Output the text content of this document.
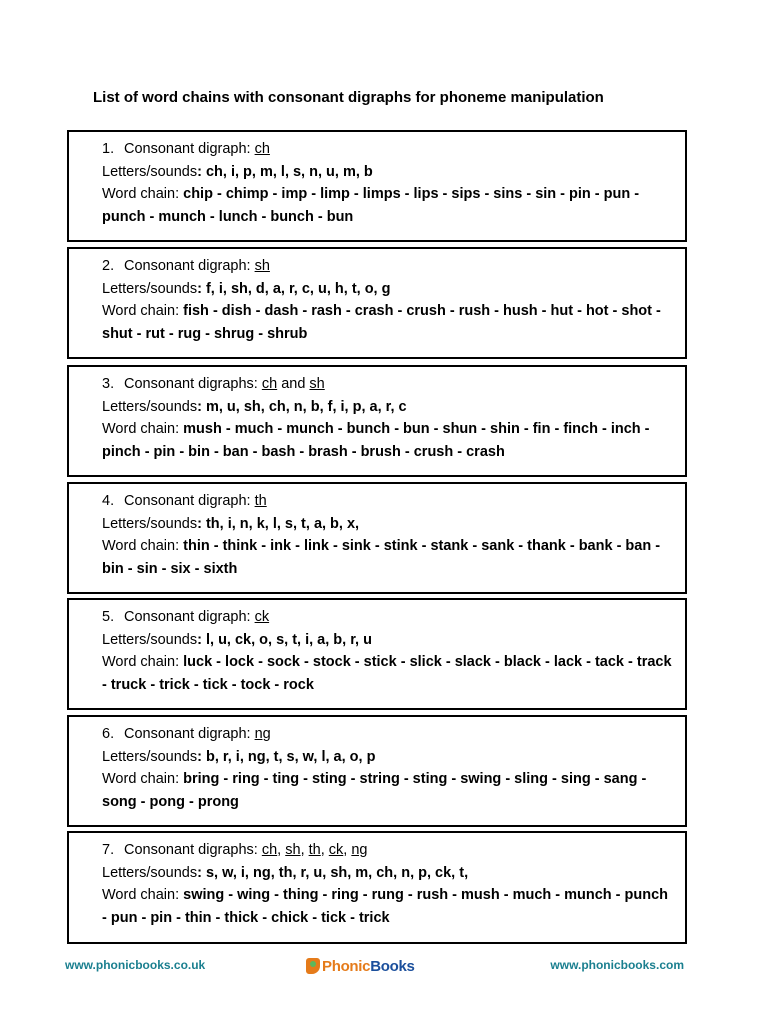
List of word chains with consonant digraphs for phoneme manipulation
1. Consonant digraph: ch
Letters/sounds: ch, i, p, m, l, s, n, u, m, b
Word chain: chip - chimp - imp - limp - limps - lips - sips - sins - sin - pin - pun - punch - munch - lunch - bunch - bun
2. Consonant digraph: sh
Letters/sounds: f, i, sh, d, a, r, c, u, h, t, o, g
Word chain: fish - dish - dash - rash - crash - crush - rush - hush - hut - hot - shot - shut - rut - rug - shrug - shrub
3. Consonant digraphs: ch and sh
Letters/sounds: m, u, sh, ch, n, b, f, i, p, a, r, c
Word chain: mush - much - munch - bunch - bun - shun - shin - fin - finch - inch - pinch - pin - bin - ban - bash - brash - brush - crush - crash
4. Consonant digraph: th
Letters/sounds: th, i, n, k, l, s, t, a, b, x,
Word chain: thin - think - ink - link - sink - stink - stank - sank - thank - bank - ban - bin - sin - six - sixth
5. Consonant digraph: ck
Letters/sounds: l, u, ck, o, s, t, i, a, b, r, u
Word chain: luck - lock - sock - stock - stick - slick - slack - black - lack - tack - track - truck - trick - tick - tock - rock
6. Consonant digraph: ng
Letters/sounds: b, r, i, ng, t, s, w, l, a, o, p
Word chain: bring - ring - ting - sting - string - sting - swing - sling - sing - sang - song - pong - prong
7. Consonant digraphs: ch, sh, th, ck, ng
Letters/sounds: s, w, i, ng, th, r, u, sh, m, ch, n, p, ck, t,
Word chain: swing - wing - thing - ring - rung - rush - mush - much - munch - punch - pun - pin - thin - thick - chick - tick - trick
www.phonicbooks.co.uk	PhonicBooks	www.phonicbooks.com
